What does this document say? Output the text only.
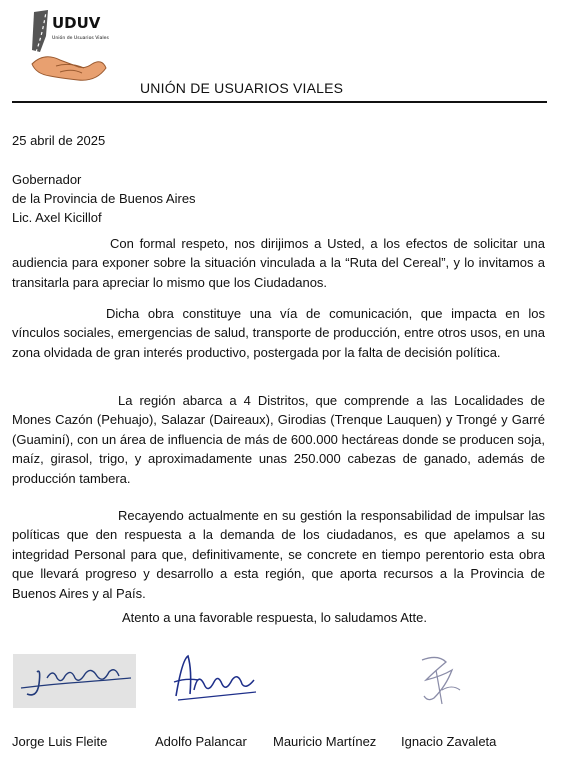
UDUV
Unión de Usuarios Viales
UNIÓN DE USUARIOS VIALES
25 abril de 2025
Gobernador
de la Provincia de Buenos Aires
Lic. Axel Kicillof

Con formal respeto, nos dirijimos a Usted, a los efectos de solicitar una audiencia para exponer sobre la situación vinculada a la “Ruta del Cereal”, y lo invitamos a transitarla para apreciar lo mismo que los Ciudadanos.

Dicha obra constituye una vía de comunicación, que impacta en los vínculos sociales, emergencias de salud, transporte de producción, entre otros usos, en una zona olvidada de gran interés productivo, postergada por la falta de decisión política.

La región abarca a 4 Distritos, que comprende a las Localidades de Mones Cazón (Pehuajo), Salazar (Daireaux), Girodias (Trenque Lauquen) y Trongé y Garré (Guaminí), con un área de influencia de más de 600.000 hectáreas donde se producen soja, maíz, girasol, trigo, y aproximadamente unas 250.000 cabezas de ganado, además de producción tambera.

Recayendo actualmente en su gestión la responsabilidad de impulsar las políticas que den respuesta a la demanda de los ciudadanos, es que apelamos a su integridad Personal para que, definitivamente, se concrete en tiempo perentorio esta obra que llevará progreso y desarrollo a esta región, que aporta recursos a la Provincia de Buenos Aires y al País.

Atento a una favorable respuesta, lo saludamos Atte.
Jorge Luis Fleite	Adolfo Palancar Mauricio Martínez Ignacio Zavaleta
